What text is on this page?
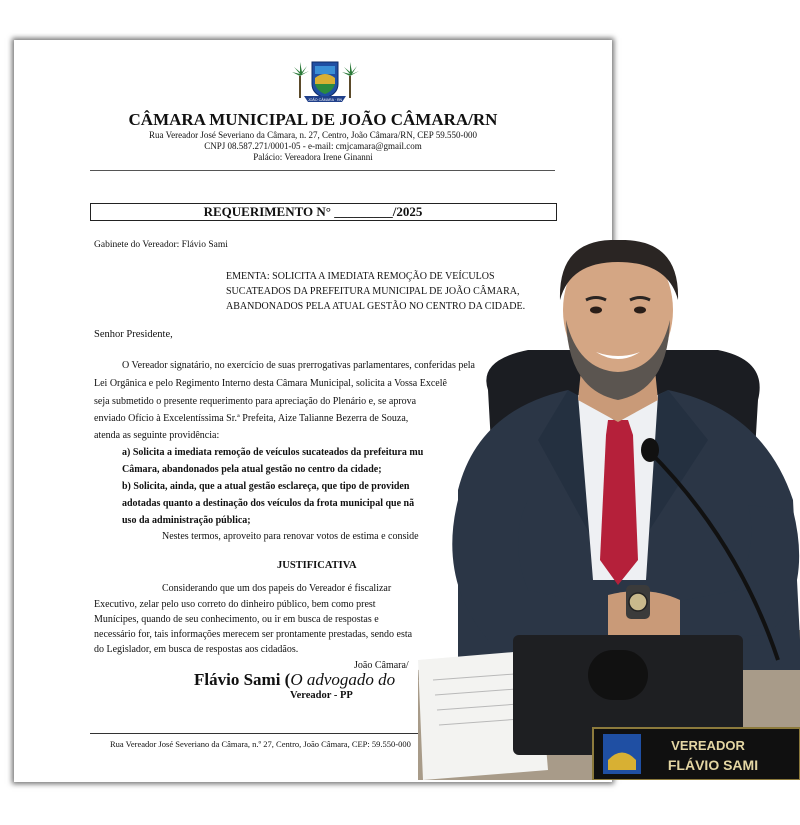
JOÃO CÂMARA · RN
CÂMARA MUNICIPAL DE JOÃO CÂMARA/RN
Rua Vereador José Severiano da Câmara, n. 27, Centro, João Câmara/RN, CEP 59.550-000
CNPJ 08.587.271/0001-05 - e-mail: cmjcamara@gmail.com
Palácio: Vereadora Irene Ginanni
REQUERIMENTO N° _________/2025
Gabinete do Vereador: Flávio Sami
EMENTA: SOLICITA A IMEDIATA REMOÇÃO DE VEÍCULOS
SUCATEADOS DA PREFEITURA MUNICIPAL DE JOÃO CÂMARA,
ABANDONADOS PELA ATUAL GESTÃO NO CENTRO DA CIDADE.
Senhor Presidente,
O Vereador signatário, no exercício de suas prerrogativas parlamentares, conferidas pela
Lei Orgânica e pelo Regimento Interno desta Câmara Municipal, solicita a Vossa Excelê
seja submetido o presente requerimento para apreciação do Plenário e, se aprova
enviado Ofício à Excelentíssima Sr.ª Prefeita, Aize Talianne Bezerra de Souza,
atenda as seguinte providência:
a) Solicita a imediata remoção de veículos sucateados da prefeitura mu
Câmara, abandonados pela atual gestão no centro da cidade;
b) Solicita, ainda, que a atual gestão esclareça, que tipo de providen
adotadas quanto a destinação dos veículos da frota municipal que nã
uso da administração pública;
Nestes termos, aproveito para renovar votos de estima e conside
JUSTIFICATIVA
Considerando que um dos papeis do Vereador é fiscalizar
Executivo, zelar pelo uso correto do dinheiro público, bem como prest
Munícipes, quando de seu conhecimento, ou ir em busca de respostas e
necessário for, tais informações merecem ser prontamente prestadas, sendo esta
do Legislador, em busca de respostas aos cidadãos.
João Câmara/
Flávio Sami (O advogado do
Vereador - PP
Rua Vereador José Severiano da Câmara, n.º 27, Centro, João Câmara, CEP: 59.550-000	VEREADOR
FLÁVIO SAMI
